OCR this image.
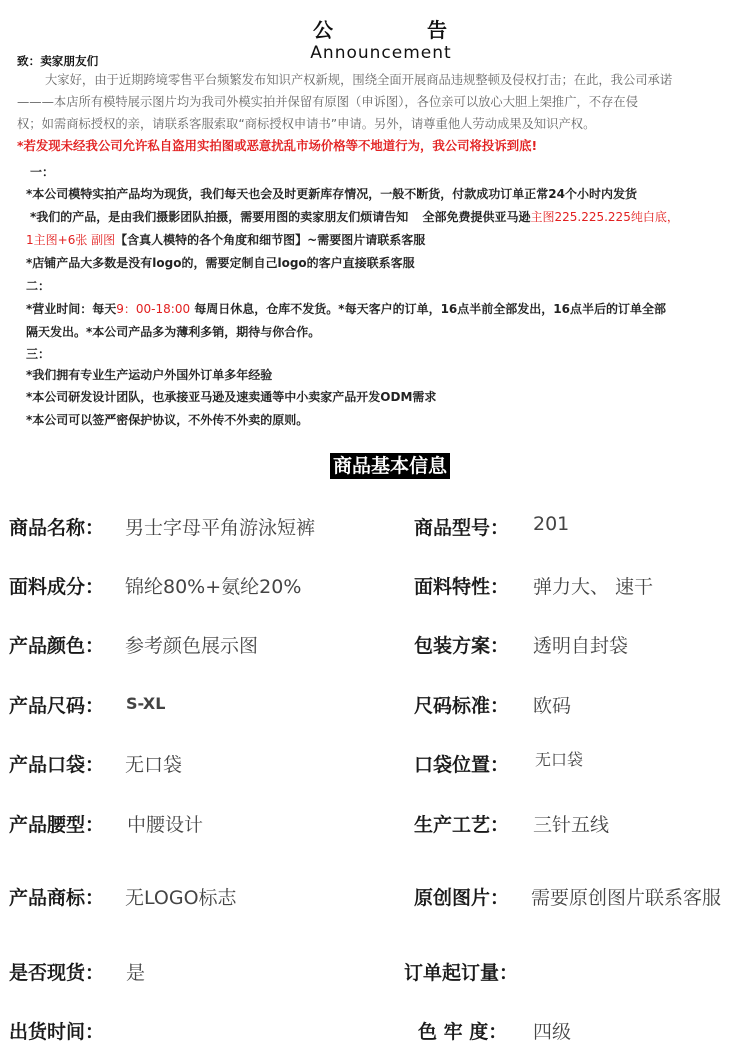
公	告
Announcement
致：卖家朋友们
大家好，由于近期跨境零售平台频繁发布知识产权新规，围绕全面开展商品违规整顿及侵权打击；在此，我公司承诺
———本店所有模特展示图片均为我司外模实拍并保留有原图（申诉图），各位亲可以放心大胆上架推广，不存在侵
权；如需商标授权的亲，请联系客服索取“商标授权申请书”申请。另外，请尊重他人劳动成果及知识产权。
*若发现未经我公司允许私自盗用实拍图或恶意扰乱市场价格等不地道行为，我公司将投诉到底!
一：
*本公司模特实拍产品均为现货，我们每天也会及时更新库存情况，一般不断货，付款成功订单正常24个小时内发货
*我们的产品，是由我们摄影团队拍摄，需要用图的卖家朋友们烦请告知 全部免费提供亚马逊主图225.225.225纯白底，
1主图+6张 副图【含真人模特的各个角度和细节图】~需要图片请联系客服
*店铺产品大多数是没有logo的，需要定制自己logo的客户直接联系客服
二：
*营业时间：每天9：00-18:00 每周日休息，仓库不发货。*每天客户的订单，16点半前全部发出，16点半后的订单全部
隔天发出。*本公司产品多为薄利多销，期待与你合作。
三：
*我们拥有专业生产运动户外国外订单多年经验
*本公司研发设计团队，也承接亚马逊及速卖通等中小卖家产品开发ODM需求
*本公司可以签严密保护协议，不外传不外卖的原则。
商品基本信息
商品名称： 男士字母平角游泳短裤	商品型号： 201
面料成分： 锦纶80%+氨纶20%	面料特性： 弹力大、 速干
产品颜色： 参考颜色展示图	包装方案： 透明自封袋
产品尺码： S-XL	尺码标准： 欧码
产品口袋： 无口袋	口袋位置： 无口袋
产品腰型： 中腰设计	生产工艺： 三针五线
产品商标： 无LOGO标志	原创图片： 需要原创图片联系客服
是否现货： 是	订单起订量：
出货时间：	色 牢 度： 四级
